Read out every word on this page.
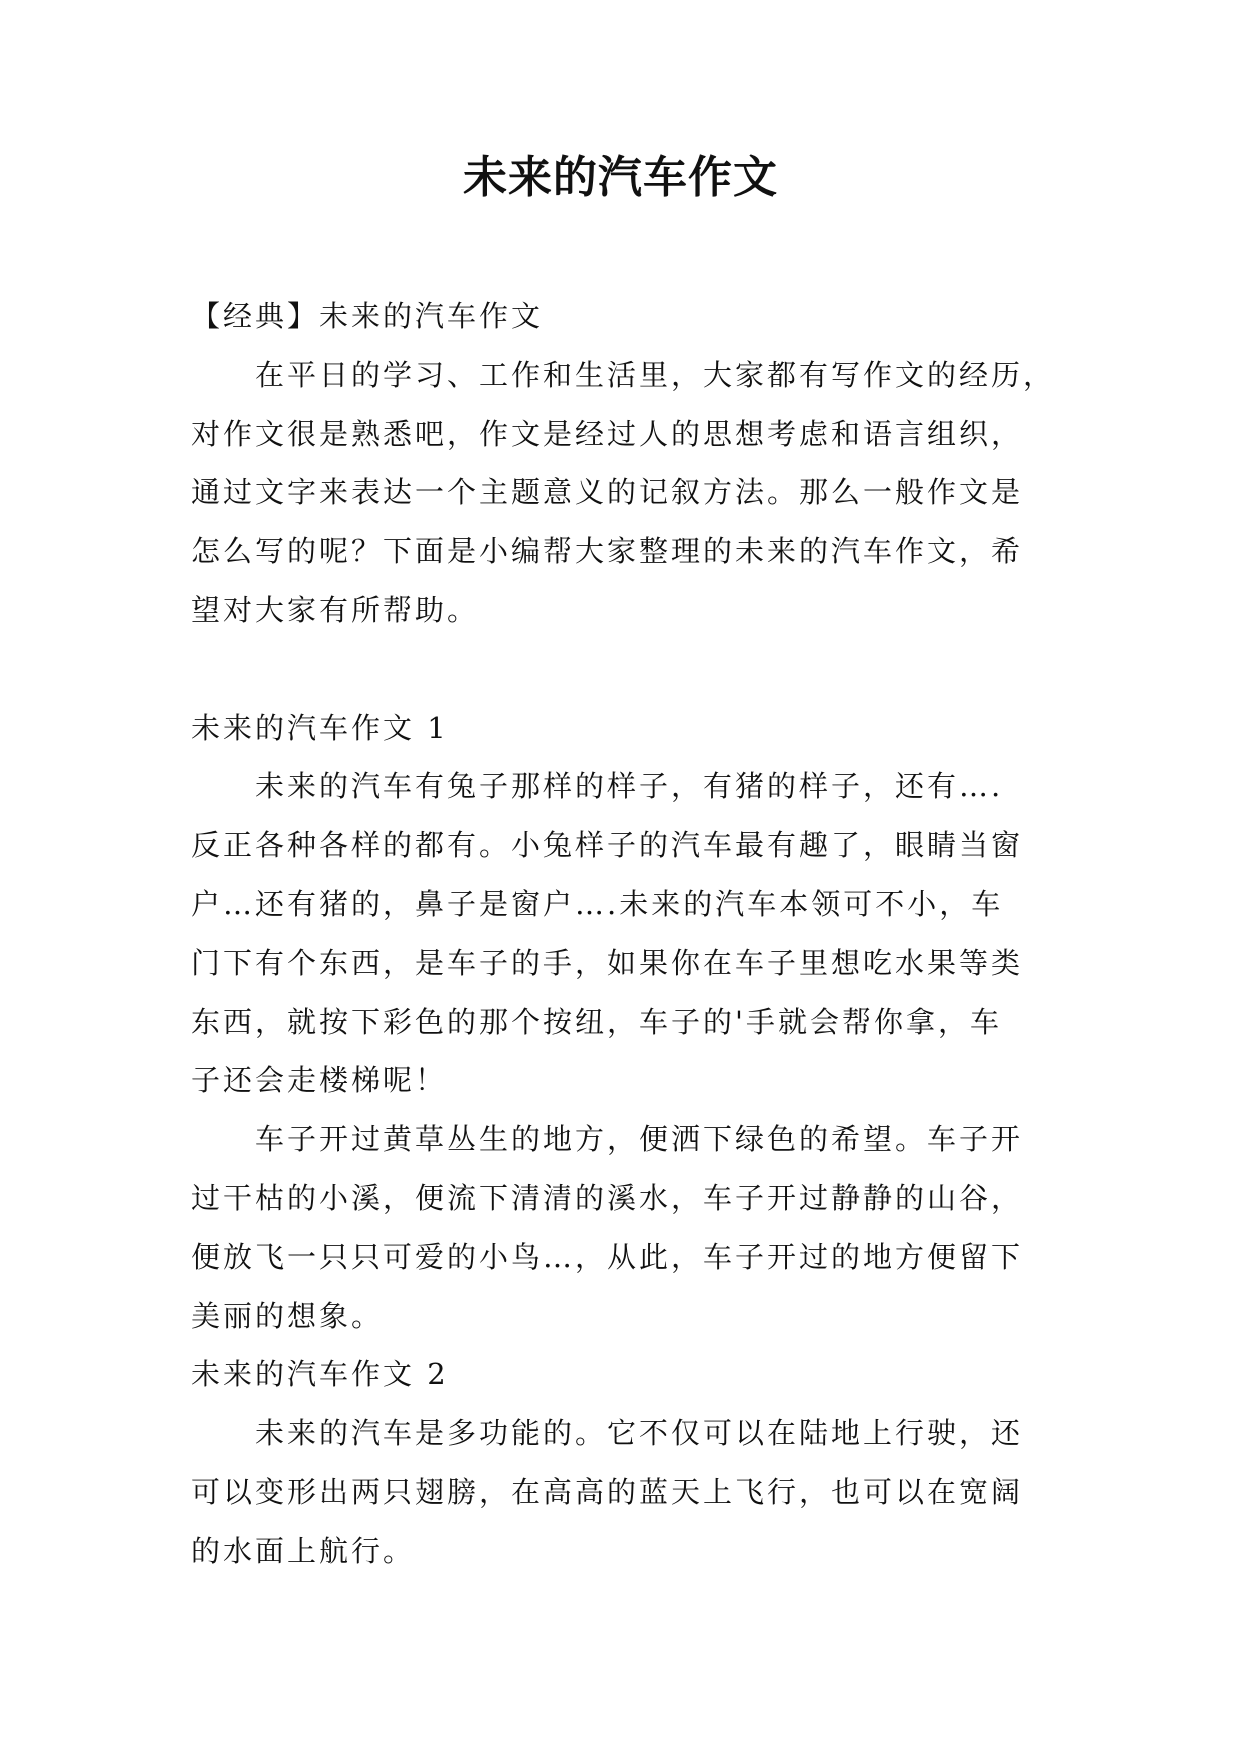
未来的汽车作文
【经典】未来的汽车作文
在平日的学习、工作和生活里，大家都有写作文的经历，
对作文很是熟悉吧，作文是经过人的思想考虑和语言组织，
通过文字来表达一个主题意义的记叙方法。那么一般作文是
怎么写的呢？下面是小编帮大家整理的未来的汽车作文，希
望对大家有所帮助。
未来的汽车作文 1
未来的汽车有兔子那样的样子，有猪的样子，还有….
反正各种各样的都有。小兔样子的汽车最有趣了，眼睛当窗
户…还有猪的，鼻子是窗户….未来的汽车本领可不小，车
门下有个东西，是车子的手，如果你在车子里想吃水果等类
东西，就按下彩色的那个按纽，车子的'手就会帮你拿，车
子还会走楼梯呢！
车子开过黄草丛生的地方，便洒下绿色的希望。车子开
过干枯的小溪，便流下清清的溪水，车子开过静静的山谷，
便放飞一只只可爱的小鸟…，从此，车子开过的地方便留下
美丽的想象。
未来的汽车作文 2
未来的汽车是多功能的。它不仅可以在陆地上行驶，还
可以变形出两只翅膀，在高高的蓝天上飞行，也可以在宽阔
的水面上航行。
